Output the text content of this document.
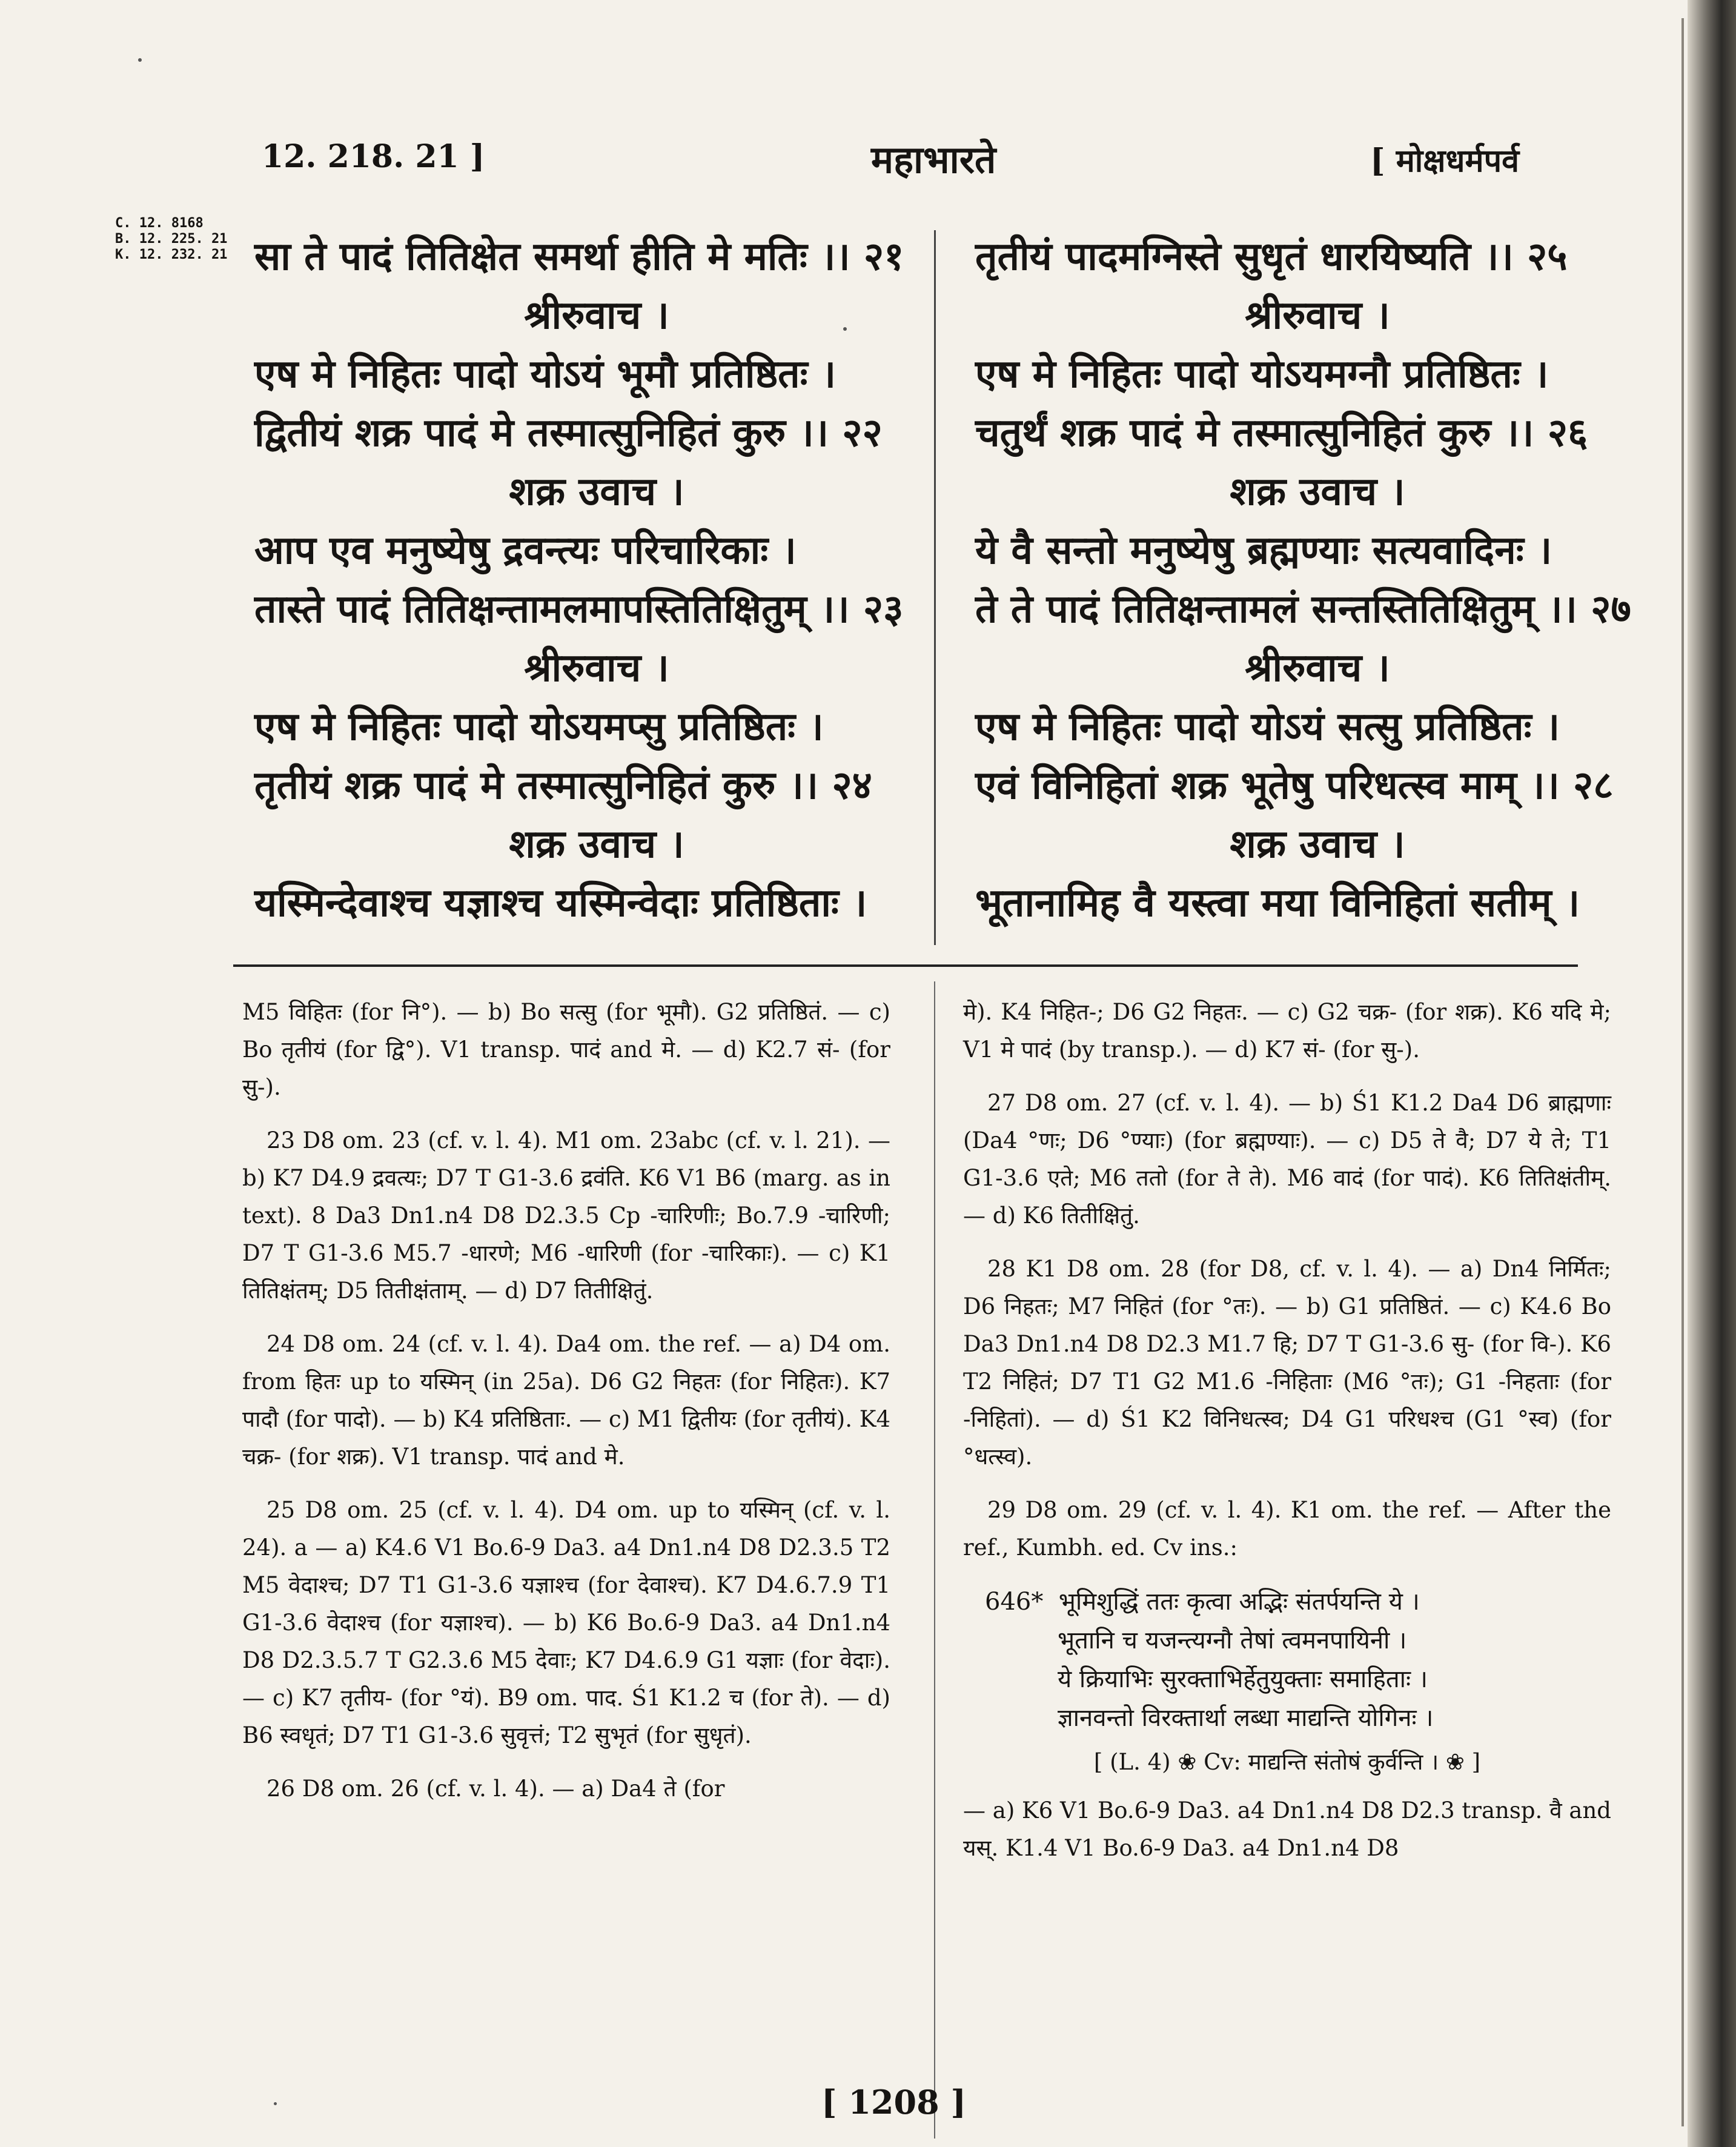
12. 218. 21 ]	महाभारते	[ मोक्षधर्मपर्व
C. 12. 8168
B. 12. 225. 21
K. 12. 232. 21 सा ते पादं तितिक्षेत समर्था हीति मे मतिः ।। २१
श्रीरुवाच ।
एष मे निहितः पादो योऽयं भूमौ प्रतिष्ठितः ।
द्वितीयं शक्र पादं मे तस्मात्सुनिहितं कुरु ।। २२
शक्र उवाच ।
आप एव मनुष्येषु द्रवन्त्यः परिचारिकाः ।
तास्ते पादं तितिक्षन्तामलमापस्तितिक्षितुम् ।। २३
श्रीरुवाच ।
एष मे निहितः पादो योऽयमप्सु प्रतिष्ठितः ।
तृतीयं शक्र पादं मे तस्मात्सुनिहितं कुरु ।। २४
शक्र उवाच ।
यस्मिन्देवाश्च यज्ञाश्च यस्मिन्वेदाः प्रतिष्ठिताः ।
तृतीयं पादमग्निस्ते सुधृतं धारयिष्यति ।। २५
श्रीरुवाच ।
एष मे निहितः पादो योऽयमग्नौ प्रतिष्ठितः ।
चतुर्थं शक्र पादं मे तस्मात्सुनिहितं कुरु ।। २६
शक्र उवाच ।
ये वै सन्तो मनुष्येषु ब्रह्मण्याः सत्यवादिनः ।
ते ते पादं तितिक्षन्तामलं सन्तस्तितिक्षितुम् ।। २७
श्रीरुवाच ।
एष मे निहितः पादो योऽयं सत्सु प्रतिष्ठितः ।
एवं विनिहितां शक्र भूतेषु परिधत्स्व माम् ।। २८
शक्र उवाच ।
भूतानामिह वै यस्त्वा मया विनिहितां सतीम् ।

M5 विहितः (for नि°). — b) Bo सत्सु (for भूमौ). G2 प्रतिष्ठितं. — c) Bo तृतीयं (for द्वि°). V1 transp. पादं and मे. — d) K2.7 सं- (for सु-).

23 D8 om. 23 (cf. v. l. 4). M1 om. 23abc (cf. v. l. 21). — b) K7 D4.9 द्रवत्यः; D7 T G1-3.6 द्रवंति. K6 V1 B6 (marg. as in text). 8 Da3 Dn1.n4 D8 D2.3.5 Cp -चारिणीः; Bo.7.9 -चारिणी; D7 T G1-3.6 M5.7 -धारणे; M6 -धारिणी (for -चारिकाः). — c) K1 तितिक्षंतम्; D5 तितीक्षंताम्. — d) D7 तितीक्षितुं.

24 D8 om. 24 (cf. v. l. 4). Da4 om. the ref. — a) D4 om. from हितः up to यस्मिन् (in 25a). D6 G2 निहतः (for निहितः). K7 पादौ (for पादो). — b) K4 प्रतिष्ठिताः. — c) M1 द्वितीयः (for तृतीयं). K4 चक्र- (for शक्र). V1 transp. पादं and मे.

25 D8 om. 25 (cf. v. l. 4). D4 om. up to यस्मिन् (cf. v. l. 24). a — a) K4.6 V1 Bo.6-9 Da3. a4 Dn1.n4 D8 D2.3.5 T2 M5 वेदाश्च; D7 T1 G1-3.6 यज्ञाश्च (for देवाश्च). K7 D4.6.7.9 T1 G1-3.6 वेदाश्च (for यज्ञाश्च). — b) K6 Bo.6-9 Da3. a4 Dn1.n4 D8 D2.3.5.7 T G2.3.6 M5 देवाः; K7 D4.6.9 G1 यज्ञाः (for वेदाः). — c) K7 तृतीय- (for °यं). B9 om. पाद. Ś1 K1.2 च (for ते). — d) B6 स्वधृतं; D7 T1 G1-3.6 सुवृत्तं; T2 सुभृतं (for सुधृतं).

26 D8 om. 26 (cf. v. l. 4). — a) Da4 ते (for

मे). K4 निहित-; D6 G2 निहतः. — c) G2 चक्र- (for शक्र). K6 यदि मे; V1 मे पादं (by transp.). — d) K7 सं- (for सु-).

27 D8 om. 27 (cf. v. l. 4). — b) Ś1 K1.2 Da4 D6 ब्राह्मणाः (Da4 °णः; D6 °ण्याः) (for ब्रह्मण्याः). — c) D5 ते वै; D7 ये ते; T1 G1-3.6 एते; M6 ततो (for ते ते). M6 वादं (for पादं). K6 तितिक्षंतीम्. — d) K6 तितीक्षितुं.

28 K1 D8 om. 28 (for D8, cf. v. l. 4). — a) Dn4 निर्मितः; D6 निहतः; M7 निहितं (for °तः). — b) G1 प्रतिष्ठितं. — c) K4.6 Bo Da3 Dn1.n4 D8 D2.3 M1.7 हि; D7 T G1-3.6 सु- (for वि-). K6 T2 निहितं; D7 T1 G2 M1.6 -निहिताः (M6 °तः); G1 -निहताः (for -निहितां). — d) Ś1 K2 विनिधत्स्व; D4 G1 परिधश्च (G1 °स्व) (for °धत्स्व).

29 D8 om. 29 (cf. v. l. 4). K1 om. the ref. — After the ref., Kumbh. ed. Cv ins.:

646* भूमिशुद्धिं ततः कृत्वा अद्भिः संतर्पयन्ति ये ।
भूतानि च यजन्त्यग्नौ तेषां त्वमनपायिनी ।
ये क्रियाभिः सुरक्ताभिर्हेतुयुक्ताः समाहिताः ।
ज्ञानवन्तो विरक्तार्था लब्धा माद्यन्ति योगिनः ।
[ (L. 4) ❀ Cv: माद्यन्ति संतोषं कुर्वन्ति । ❀ ]

— a) K6 V1 Bo.6-9 Da3. a4 Dn1.n4 D8 D2.3 transp. वै and यस्. K1.4 V1 Bo.6-9 Da3. a4 Dn1.n4 D8

[ 1208 ]
